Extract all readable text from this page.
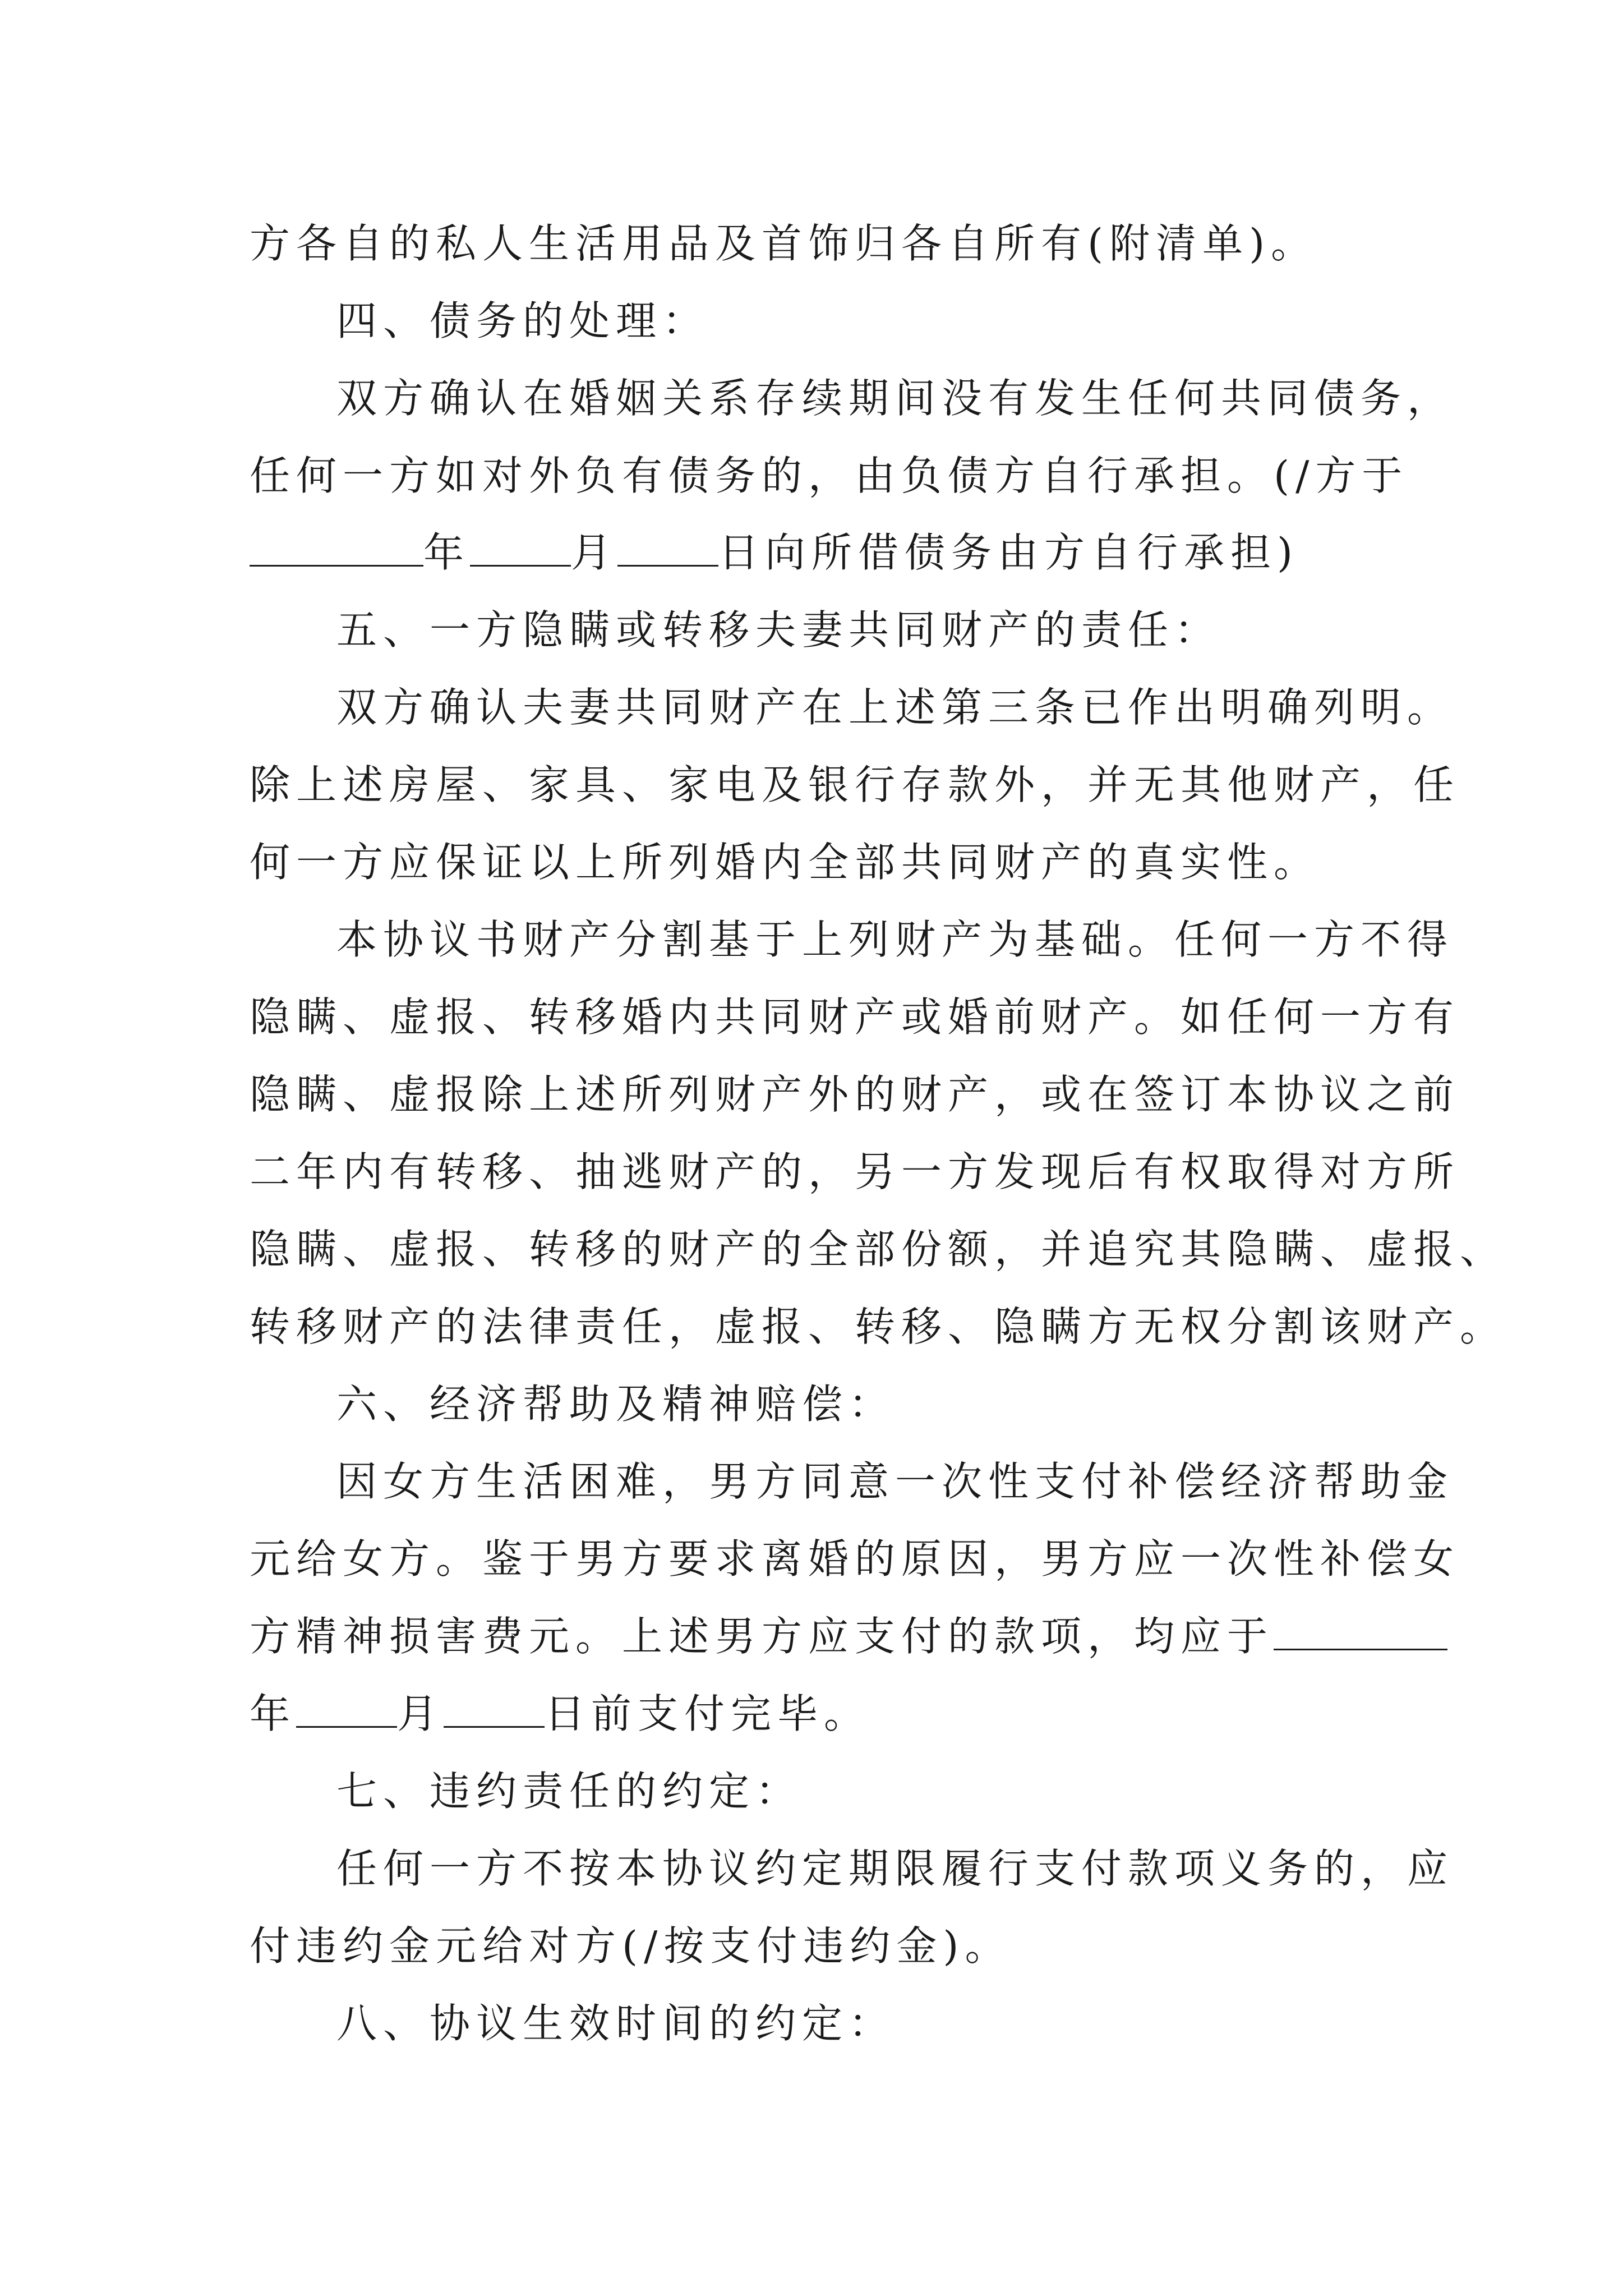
方各自的私人生活用品及首饰归各自所有(附清单)。
四、债务的处理：
双方确认在婚姻关系存续期间没有发生任何共同债务，
任何一方如对外负有债务的，由负债方自行承担。(/方于
年	月	日向所借债务由方自行承担)
五、一方隐瞒或转移夫妻共同财产的责任：
双方确认夫妻共同财产在上述第三条已作出明确列明。
除上述房屋、家具、家电及银行存款外，并无其他财产，任
何一方应保证以上所列婚内全部共同财产的真实性。
本协议书财产分割基于上列财产为基础。任何一方不得
隐瞒、虚报、转移婚内共同财产或婚前财产。如任何一方有
隐瞒、虚报除上述所列财产外的财产，或在签订本协议之前
二年内有转移、抽逃财产的，另一方发现后有权取得对方所
隐瞒、虚报、转移的财产的全部份额，并追究其隐瞒、虚报、
转移财产的法律责任，虚报、转移、隐瞒方无权分割该财产。
六、经济帮助及精神赔偿：
因女方生活困难，男方同意一次性支付补偿经济帮助金
元给女方。鉴于男方要求离婚的原因，男方应一次性补偿女
方精神损害费元。上述男方应支付的款项，均应于
年	月	日前支付完毕。
七、违约责任的约定：
任何一方不按本协议约定期限履行支付款项义务的，应
付违约金元给对方(/按支付违约金)。
八、协议生效时间的约定：
